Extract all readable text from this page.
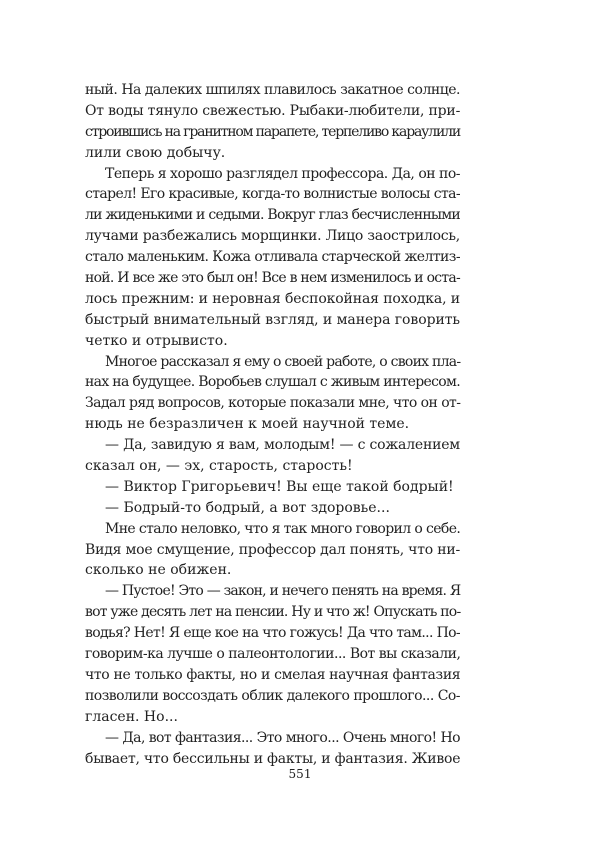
ный. На далеких шпилях плавилось закатное солнце.
От воды тянуло свежестью. Рыбаки-любители, при-
строившись на гранитном парапете, терпеливо караулили
лили свою добычу.
Теперь я хорошо разглядел профессора. Да, он по-
старел! Его красивые, когда-то волнистые волосы ста-
ли жиденькими и седыми. Вокруг глаз бесчисленными
лучами разбежались морщинки. Лицо заострилось,
стало маленьким. Кожа отливала старческой желтиз-
ной. И все же это был он! Все в нем изменилось и оста-
лось прежним: и неровная беспокойная походка, и
быстрый внимательный взгляд, и манера говорить
четко и отрывисто.
Многое рассказал я ему о своей работе, о своих пла-
нах на будущее. Воробьев слушал с живым интересом.
Задал ряд вопросов, которые показали мне, что он от-
нюдь не безразличен к моей научной теме.
— Да, завидую я вам, молодым! — с сожалением
сказал он, — эх, старость, старость!
— Виктор Григорьевич! Вы еще такой бодрый!
— Бодрый-то бодрый, а вот здоровье...
Мне стало неловко, что я так много говорил о себе.
Видя мое смущение, профессор дал понять, что ни-
сколько не обижен.
— Пустое! Это — закон, и нечего пенять на время. Я
вот уже десять лет на пенсии. Ну и что ж! Опускать по-
водья? Нет! Я еще кое на что гожусь! Да что там... По-
говорим-ка лучше о палеонтологии... Вот вы сказали,
что не только факты, но и смелая научная фантазия
позволили воссоздать облик далекого прошлого... Со-
гласен. Но...
— Да, вот фантазия... Это много... Очень много! Но
бывает, что бессильны и факты, и фантазия. Живое
551
